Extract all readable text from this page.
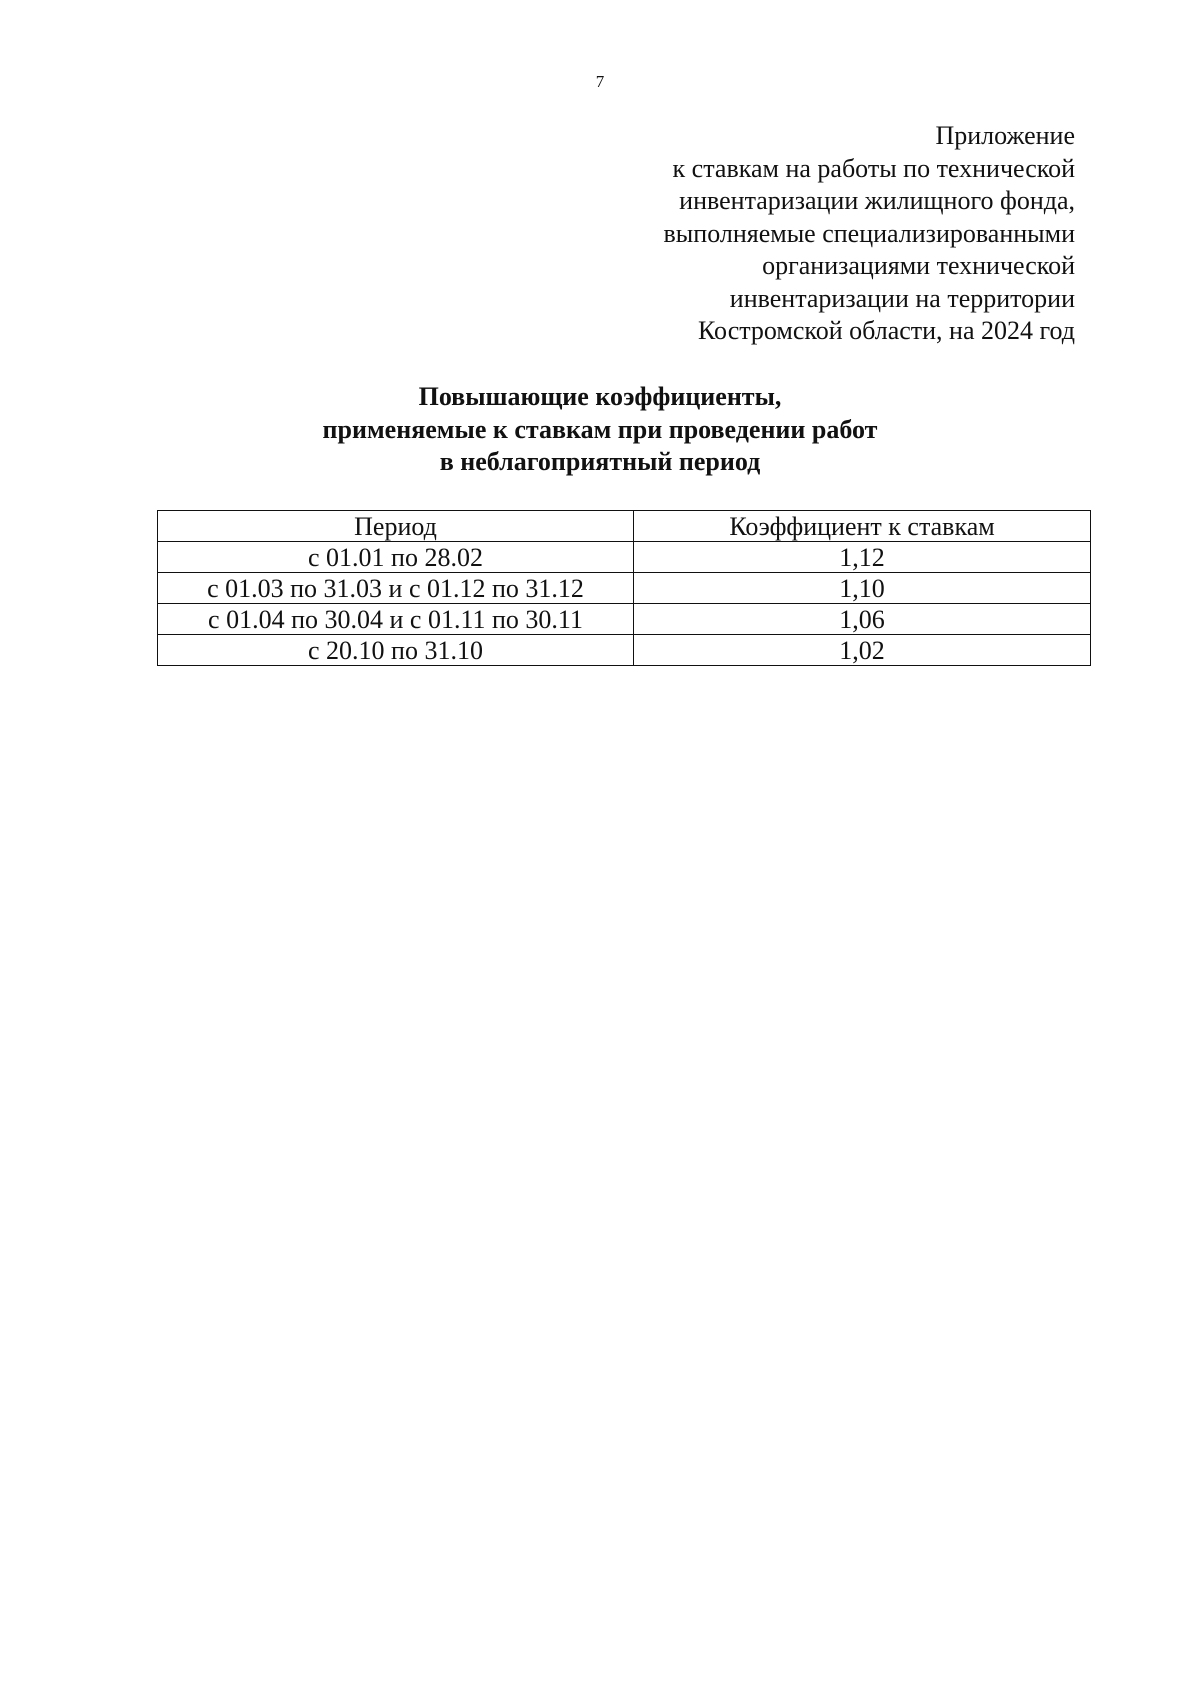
7
Приложение
к ставкам на работы по технической
инвентаризации жилищного фонда,
выполняемые специализированными
организациями технической
инвентаризации на территории
Костромской области, на 2024 год
Повышающие коэффициенты,
применяемые к ставкам при проведении работ
в неблагоприятный период
Период	Коэффициент к ставкам
с 01.01 по 28.02	1,12
с 01.03 по 31.03 и с 01.12 по 31.12	1,10
с 01.04 по 30.04 и с 01.11 по 30.11	1,06
с 20.10 по 31.10	1,02
